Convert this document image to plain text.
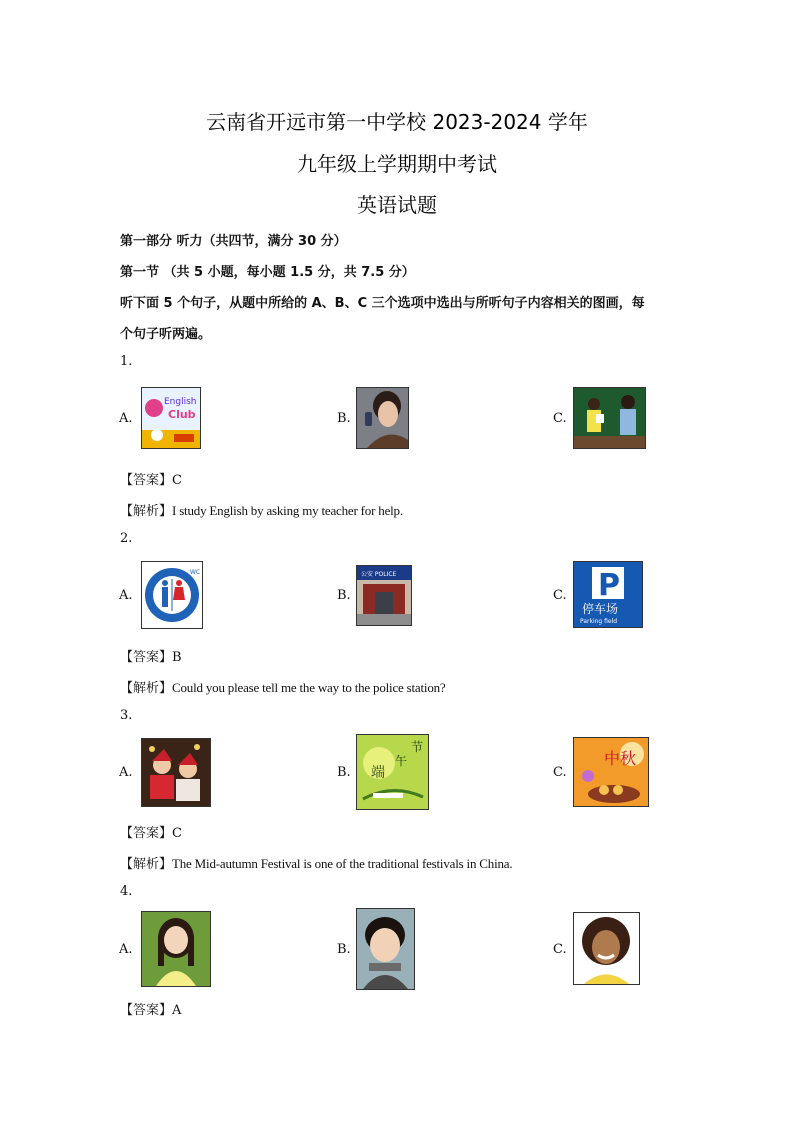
云南省开远市第一中学校 2023-2024 学年
九年级上学期期中考试
英语试题
第一部分 听力（共四节，满分 30 分）
第一节 （共 5 小题，每小题 1.5 分，共 7.5 分）
听下面 5 个句子，从题中所给的 A、B、C 三个选项中选出与所听句子内容相关的图画，每
个句子听两遍。
1.
A.
English
Club	B.	C.
【答案】C
【解析】I study English by asking my teacher for help.
2.
A.
WC
B.
公安 POLICE
C. P
停车场
Parking field
【答案】B
【解析】Could you please tell me the way to the police station?
3.
A.	B.
节
午
端	C.
中秋
【答案】C
【解析】The Mid-autumn Festival is one of the traditional festivals in China.
4.
A.	B.	C.
【答案】A
